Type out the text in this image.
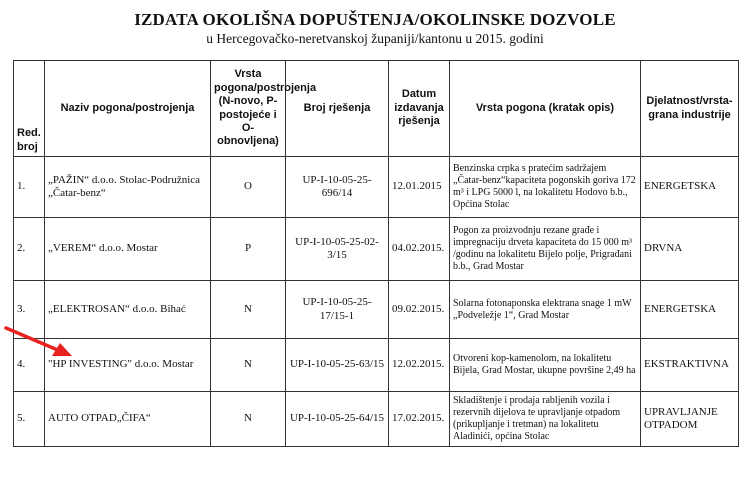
IZDATA OKOLIŠNA DOPUŠTENJA/OKOLINSKE DOZVOLE
u Hercegovačko-neretvanskoj županiji/kantonu u 2015. godini
Red. broj	Naziv pogona/postrojenja	Vrsta pogona/postrojenja (N-novo, P-postojeće i O-obnovljena)	Broj rješenja	Datum izdavanja rješenja	Vrsta pogona (kratak opis)	Djelatnost/vrsta-grana industrije
1.	„PAŽIN“ d.o.o. Stolac-Podružnica „Čatar-benz“	O	UP-I-10-05-25-696/14	12.01.2015	Benzinska crpka s pratećim sadržajem „Čatar-benz“kapaciteta pogonskih goriva 172 m³ i LPG 5000 l, na lokalitetu Hodovo b.b., Općina Stolac	ENERGETSKA
2.	„VEREM“ d.o.o. Mostar	P	UP-I-10-05-25-02-3/15	04.02.2015.	Pogon za proizvodnju rezane građe i impregnaciju drveta kapaciteta do 15 000 m³ /godinu na lokalitetu Bijelo polje, Prigrađani b.b., Grad Mostar	DRVNA
3.	„ELEKTROSAN“ d.o.o. Bihać	N	UP-I-10-05-25-17/15-1	09.02.2015.	Solarna fotonaponska elektrana snage 1 mW „Podveležje 1“, Grad Mostar	ENERGETSKA
4.	"HP INVESTING" d.o.o. Mostar	N	UP-I-10-05-25-63/15	12.02.2015.	Otvoreni kop-kamenolom, na lokalitetu Bijela, Grad Mostar, ukupne površine 2,49 ha	EKSTRAKTIVNA
5.	AUTO OTPAD„ČIFA“	N	UP-I-10-05-25-64/15	17.02.2015.	Skladištenje i prodaja rabljenih vozila i rezervnih dijelova te upravljanje otpadom (prikupljanje i tretman) na lokalitetu Aladinići, općina Stolac	UPRAVLJANJE OTPADOM
